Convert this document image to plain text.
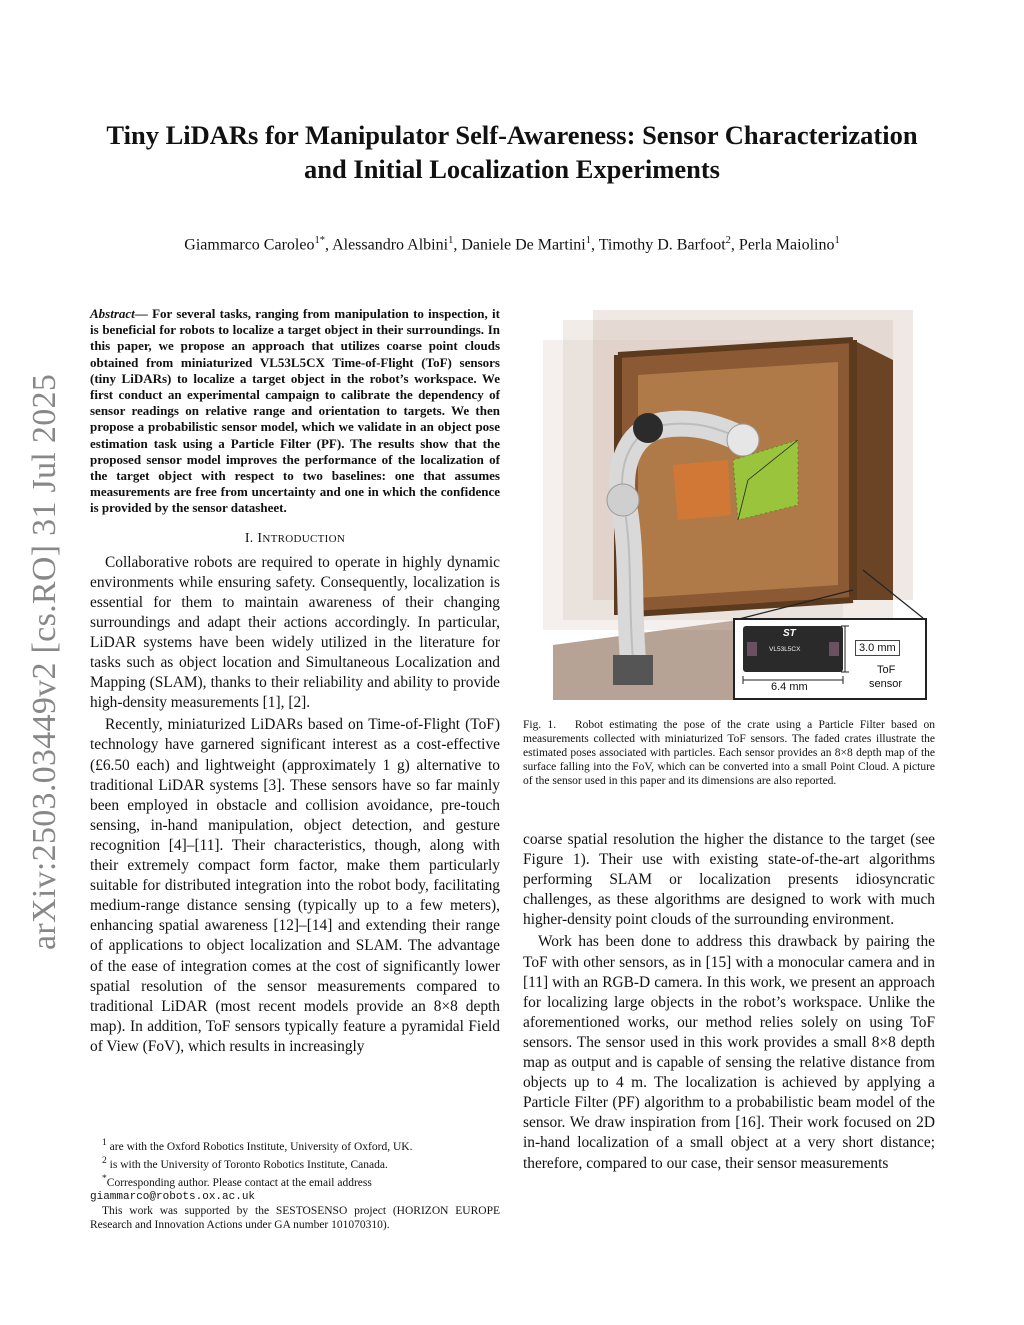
arXiv:2503.03449v2 [cs.RO] 31 Jul 2025
Tiny LiDARs for Manipulator Self-Awareness: Sensor Characterization
and Initial Localization Experiments
Giammarco Caroleo$^{1*}$, Alessandro Albini$^1$, Daniele De Martini$^1$, Timothy D. Barfoot$^2$, Perla Maiolino$^1$
Abstract— For several tasks, ranging from manipulation to inspection, it is beneficial for robots to localize a target object in their surroundings. In this paper, we propose an approach that utilizes coarse point clouds obtained from miniaturized VL53L5CX Time-of-Flight (ToF) sensors (tiny LiDARs) to localize a target object in the robot’s workspace. We first conduct an experimental campaign to calibrate the dependency of sensor readings on relative range and orientation to targets. We then propose a probabilistic sensor model, which we validate in an object pose estimation task using a Particle Filter (PF). The results show that the proposed sensor model improves the performance of the localization of the target object with respect to two baselines: one that assumes measurements are free from uncertainty and one in which the confidence is provided by the sensor datasheet.
I. INTRODUCTION

Collaborative robots are required to operate in highly dynamic environments while ensuring safety. Consequently, localization is essential for them to maintain awareness of their changing surroundings and adapt their actions accordingly. In particular, LiDAR systems have been widely utilized in the literature for tasks such as object location and Simultaneous Localization and Mapping (SLAM), thanks to their reliability and ability to provide high-density measurements [1], [2].

Recently, miniaturized LiDARs based on Time-of-Flight (ToF) technology have garnered significant interest as a cost-effective (£6.50 each) and lightweight (approximately 1 g) alternative to traditional LiDAR systems [3]. These sensors have so far mainly been employed in obstacle and collision avoidance, pre-touch sensing, in-hand manipulation, object detection, and gesture recognition [4]–[11]. Their characteristics, though, along with their extremely compact form factor, make them particularly suitable for distributed integration into the robot body, facilitating medium-range distance sensing (typically up to a few meters), enhancing spatial awareness [12]–[14] and extending their range of applications to object localization and SLAM. The advantage of the ease of integration comes at the cost of significantly lower spatial resolution of the sensor measurements compared to traditional LiDAR (most recent models provide an 8×8 depth map). In addition, ToF sensors typically feature a pyramidal Field of View (FoV), which results in increasingly

$^1$ are with the Oxford Robotics Institute, University of Oxford, UK.

$^2$ is with the University of Toronto Robotics Institute, Canada.

*Corresponding author. Please contact at the email address
giammarco@robots.ox.ac.uk

This work was supported by the SESTOSENSO project (HORIZON EUROPE Research and Innovation Actions under GA number 101070310).

ST
VL53L5CX	3.0 mm
6.4 mm
ToF
sensor
Fig. 1. Robot estimating the pose of the crate using a Particle Filter based on measurements collected with miniaturized ToF sensors. The faded crates illustrate the estimated poses associated with particles. Each sensor provides an 8×8 depth map of the surface falling into the FoV, which can be converted into a small Point Cloud. A picture of the sensor used in this paper and its dimensions are also reported.

coarse spatial resolution the higher the distance to the target (see Figure 1). Their use with existing state-of-the-art algorithms performing SLAM or localization presents idiosyncratic challenges, as these algorithms are designed to work with much higher-density point clouds of the surrounding environment.

Work has been done to address this drawback by pairing the ToF with other sensors, as in [15] with a monocular camera and in [11] with an RGB-D camera. In this work, we present an approach for localizing large objects in the robot’s workspace. Unlike the aforementioned works, our method relies solely on using ToF sensors. The sensor used in this work provides a small 8×8 depth map as output and is capable of sensing the relative distance from objects up to 4 m. The localization is achieved by applying a Particle Filter (PF) algorithm to a probabilistic beam model of the sensor. We draw inspiration from [16]. Their work focused on 2D in-hand localization of a small object at a very short distance; therefore, compared to our case, their sensor measurements
